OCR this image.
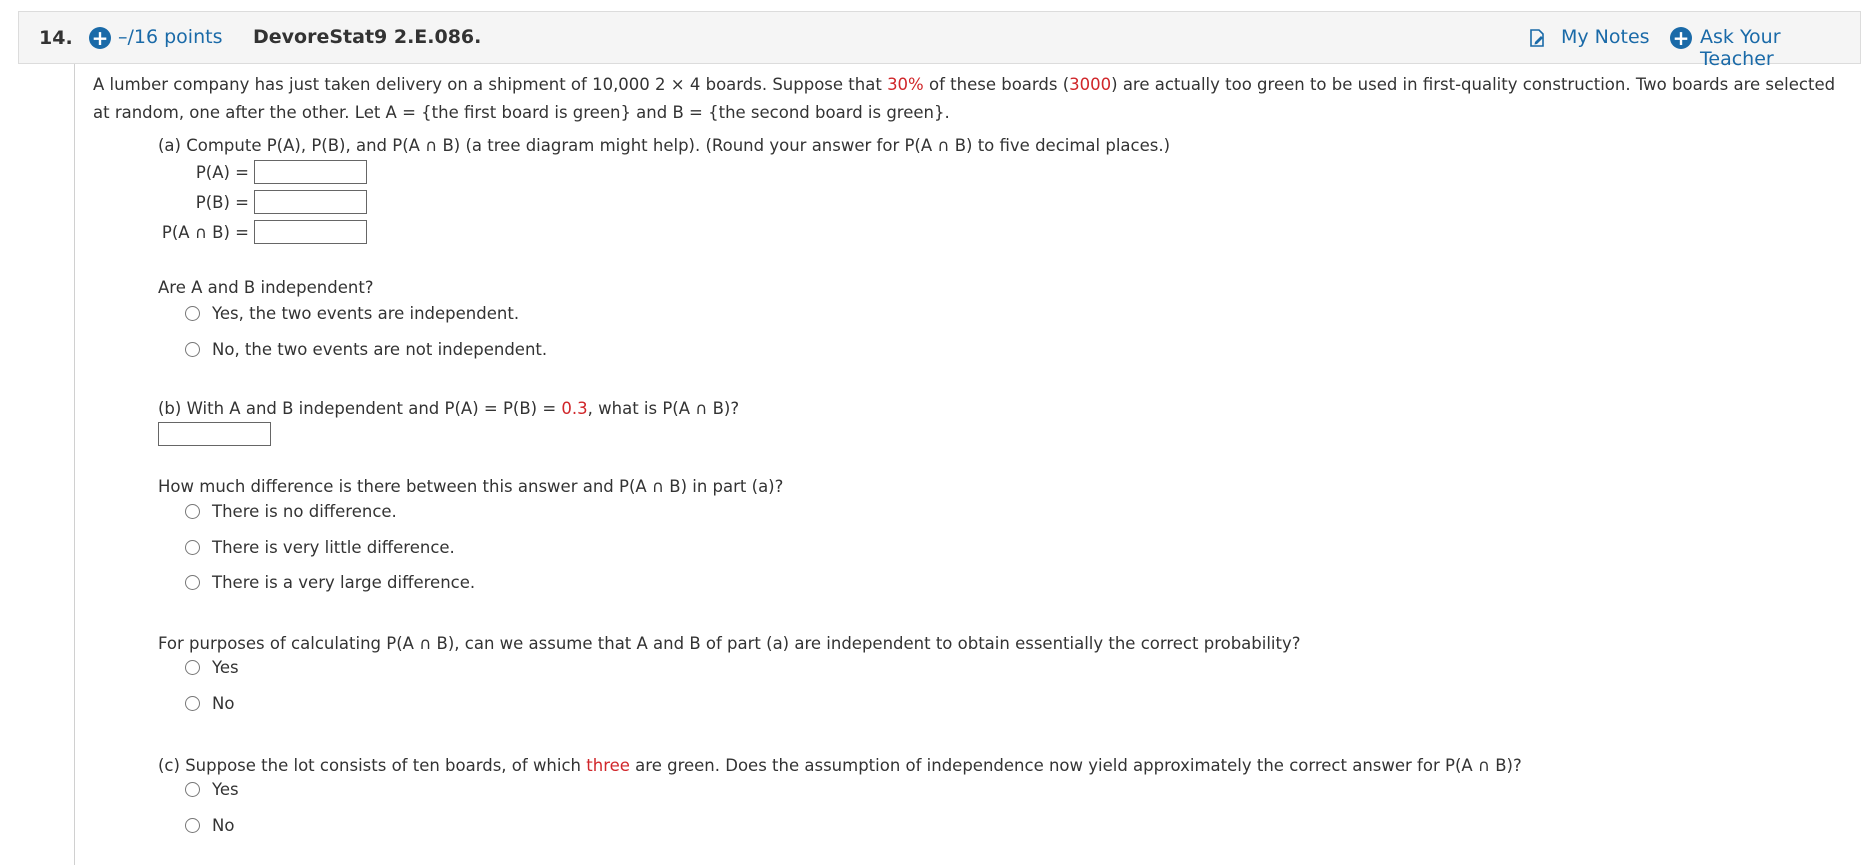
14. + –/16 points DevoreStat9 2.E.086.	My Notes + Ask Your Teacher
A lumber company has just taken delivery on a shipment of 10,000 2 × 4 boards. Suppose that 30% of these boards (3000) are actually too green to be used in first-quality construction. Two boards are selected
at random, one after the other. Let A = {the first board is green} and B = {the second board is green}.
(a) Compute P(A), P(B), and P(A ∩ B) (a tree diagram might help). (Round your answer for P(A ∩ B) to five decimal places.)
P(A) =
P(B) =
P(A ∩ B) =
Are A and B independent?
Yes, the two events are independent.
No, the two events are not independent.
(b) With A and B independent and P(A) = P(B) = 0.3, what is P(A ∩ B)?
How much difference is there between this answer and P(A ∩ B) in part (a)?
There is no difference.
There is very little difference.
There is a very large difference.
For purposes of calculating P(A ∩ B), can we assume that A and B of part (a) are independent to obtain essentially the correct probability?
Yes
No
(c) Suppose the lot consists of ten boards, of which three are green. Does the assumption of independence now yield approximately the correct answer for P(A ∩ B)?
Yes
No
